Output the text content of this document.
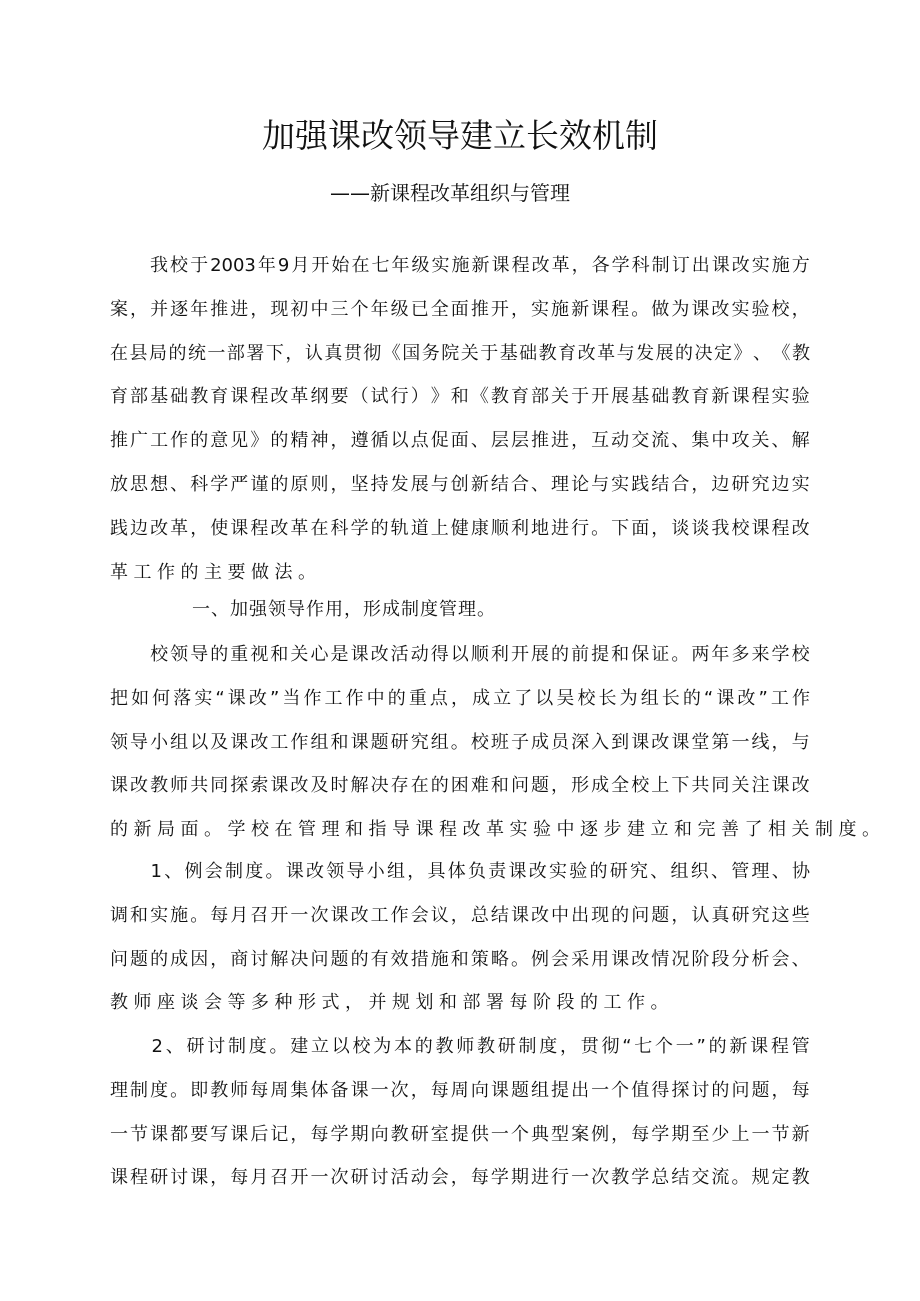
加强课改领导建立长效机制

——新课程改革组织与管理

我 校 于 2003 年 9 月 开 始 在 七 年 级 实 施 新 课 程 改 革 ， 各 学 科 制 订 出 课 改 实 施 方
案 ， 并 逐 年 推 进 ， 现 初 中 三 个 年 级 已 全 面 推 开 ， 实 施 新 课 程 。 做 为 课 改 实 验 校 ，
在 县 局 的 统 一 部 署 下 ， 认 真 贯 彻 《 国 务 院 关 于 基 础 教 育 改 革 与 发 展 的 决 定 》 、 《 教
育 部 基 础 教 育 课 程 改 革 纲 要 （ 试 行 ） 》 和 《 教 育 部 关 于 开 展 基 础 教 育 新 课 程 实 验
推 广 工 作 的 意 见 》 的 精 神 ， 遵 循 以 点 促 面 、 层 层 推 进 ， 互 动 交 流 、 集 中 攻 关 、 解
放 思 想 、 科 学 严 谨 的 原 则 ， 坚 持 发 展 与 创 新 结 合 、 理 论 与 实 践 结 合 ， 边 研 究 边 实
践 边 改 革 ， 使 课 程 改 革 在 科 学 的 轨 道 上 健 康 顺 利 地 进 行 。 下 面 ， 谈 谈 我 校 课 程 改
革 工 作 的 主 要 做 法 。

一、加强领导作用，形成制度管理。

校 领 导 的 重 视 和 关 心 是 课 改 活 动 得 以 顺 利 开 展 的 前 提 和 保 证 。 两 年 多 来 学 校
把 如 何 落 实 “ 课 改 ” 当 作 工 作 中 的 重 点 ， 成 立 了 以 吴 校 长 为 组 长 的 “ 课 改 ” 工 作
领 导 小 组 以 及 课 改 工 作 组 和 课 题 研 究 组 。 校 班 子 成 员 深 入 到 课 改 课 堂 第 一 线 ， 与
课 改 教 师 共 同 探 索 课 改 及 时 解 决 存 在 的 困 难 和 问 题 ， 形 成 全 校 上 下 共 同 关 注 课 改
的 新 局 面 。 学 校 在 管 理 和 指 导 课 程 改 革 实 验 中 逐 步 建 立 和 完 善 了 相 关 制 度 。

1 、 例 会 制 度 。 课 改 领 导 小 组 ， 具 体 负 责 课 改 实 验 的 研 究 、 组 织 、 管 理 、 协
调 和 实 施 。 每 月 召 开 一 次 课 改 工 作 会 议 ， 总 结 课 改 中 出 现 的 问 题 ， 认 真 研 究 这 些
问 题 的 成 因 ， 商 讨 解 决 问 题 的 有 效 措 施 和 策 略 。 例 会 采 用 课 改 情 况 阶 段 分 析 会 、
教 师 座 谈 会 等 多 种 形 式 ， 并 规 划 和 部 署 每 阶 段 的 工 作 。

2 、 研 讨 制 度 。 建 立 以 校 为 本 的 教 师 教 研 制 度 ， 贯 彻 “ 七 个 一 ” 的 新 课 程 管
理 制 度 。 即 教 师 每 周 集 体 备 课 一 次 ， 每 周 向 课 题 组 提 出 一 个 值 得 探 讨 的 问 题 ， 每
一 节 课 都 要 写 课 后 记 ， 每 学 期 向 教 研 室 提 供 一 个 典 型 案 例 ， 每 学 期 至 少 上 一 节 新
课 程 研 讨 课 ， 每 月 召 开 一 次 研 讨 活 动 会 ， 每 学 期 进 行 一 次 教 学 总 结 交 流 。 规 定 教
